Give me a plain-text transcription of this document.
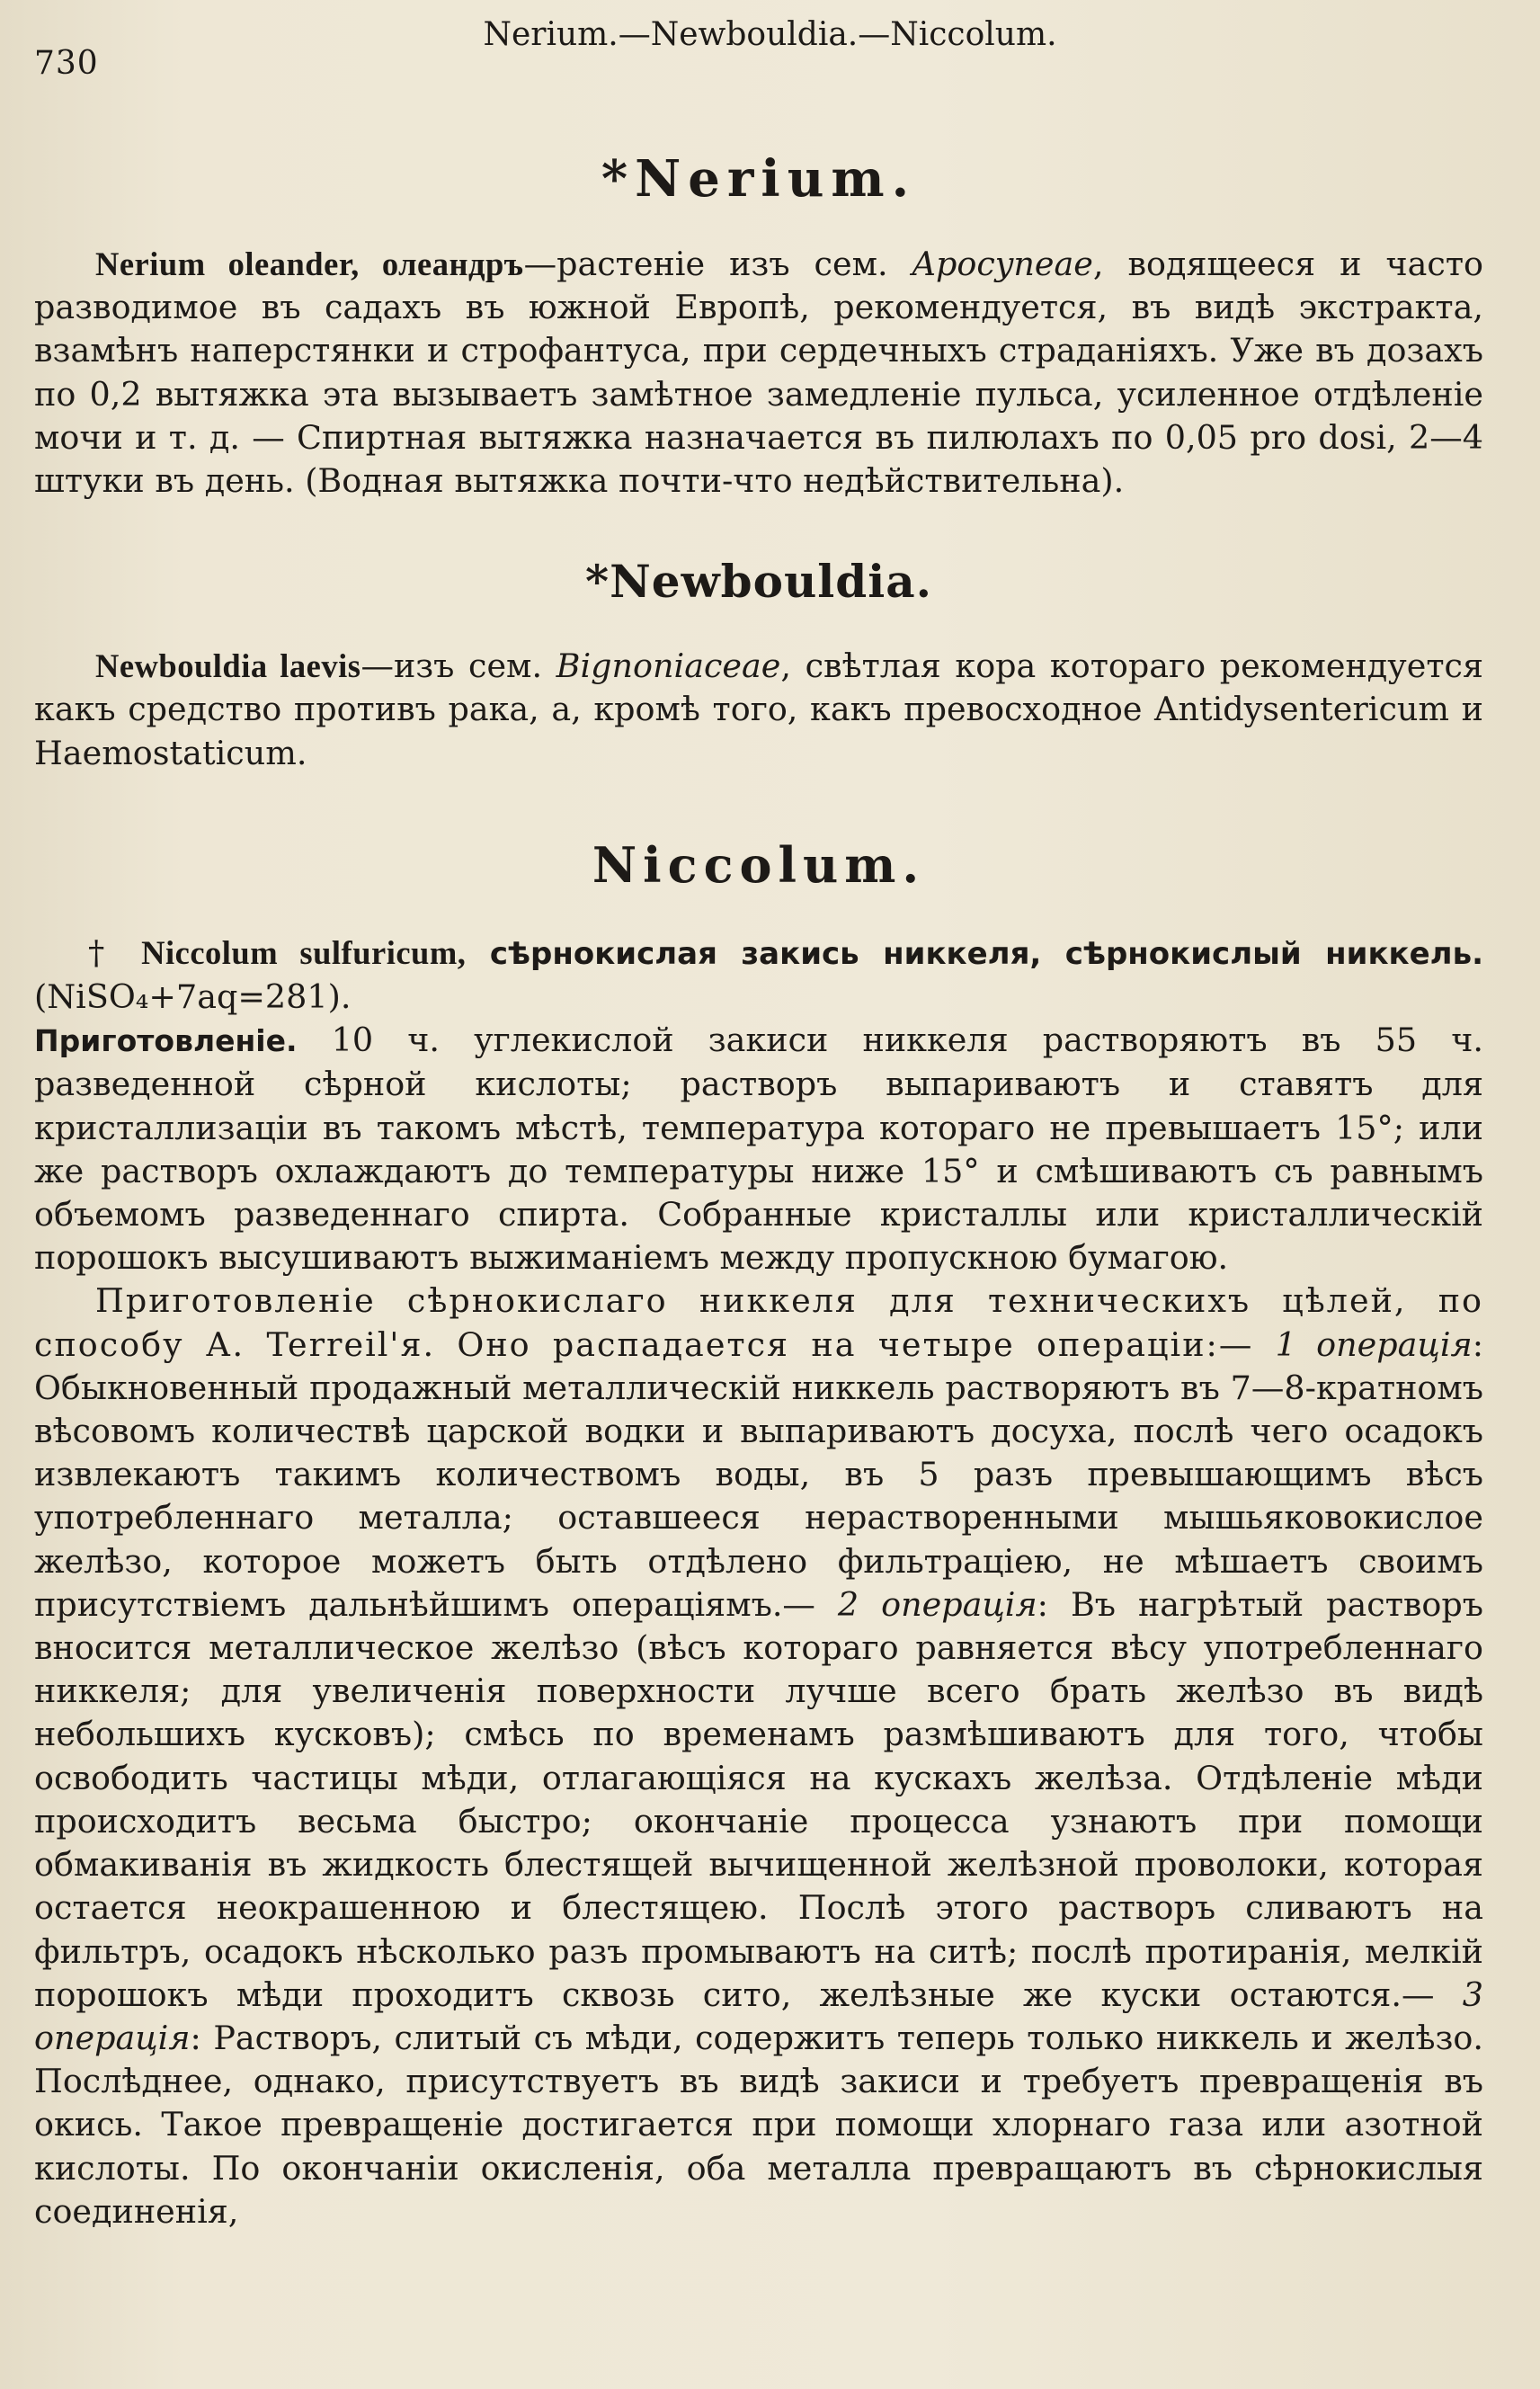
730
Nerium.—Newbouldia.—Niccolum.
*Nerium.

Nerium oleander, олеандръ—растеніе изъ сем. Apocyneae, водящееся и часто разводимое въ садахъ въ южной Европѣ, рекомендуется, въ видѣ экстракта, взамѣнъ наперстянки и строфантуса, при сердечныхъ страданіяхъ. Уже въ дозахъ по 0,2 вытяжка эта вызываетъ замѣтное замедленіе пульса, усиленное отдѣленіе мочи и т. д. — Спиртная вытяжка назначается въ пилюлахъ по 0,05 pro dosi, 2—4 штуки въ день. (Водная вытяжка почти-что недѣйствительна).

*Newbouldia.

Newbouldia laevis—изъ сем. Bignoniaceae, свѣтлая кора котораго рекомендуется какъ средство противъ рака, а, кромѣ того, какъ превосходное Antidysentericum и Haemostaticum.

Niccolum.

† Niccolum sulfuricum, сѣрнокислая закись никкеля, сѣрнокислый никкель. (NiSO₄+7aq=281).

Приготовленіе. 10 ч. углекислой закиси никкеля растворяютъ въ 55 ч. разведенной сѣрной кислоты; растворъ выпариваютъ и ставятъ для кристаллизаціи въ такомъ мѣстѣ, температура котораго не превышаетъ 15°; или же растворъ охлаждаютъ до температуры ниже 15° и смѣшиваютъ съ равнымъ объемомъ разведеннаго спирта. Собранные кристаллы или кристаллическій порошокъ высушиваютъ выжиманіемъ между пропускною бумагою.

Приготовленіе сѣрнокислаго никкеля для техническихъ цѣлей, по способу А. Terreil'я. Оно распадается на четыре операціи:— 1 операція: Обыкновенный продажный металлическій никкель растворяютъ въ 7—8-кратномъ вѣсовомъ количествѣ царской водки и выпариваютъ досуха, послѣ чего осадокъ извлекаютъ такимъ количествомъ воды, въ 5 разъ превышающимъ вѣсъ употребленнаго металла; оставшееся нерастворенными мышьяковокислое желѣзо, которое можетъ быть отдѣлено фильтраціею, не мѣшаетъ своимъ присутствіемъ дальнѣйшимъ операціямъ.— 2 операція: Въ нагрѣтый растворъ вносится металлическое желѣзо (вѣсъ котораго равняется вѣсу употребленнаго никкеля; для увеличенія поверхности лучше всего брать желѣзо въ видѣ небольшихъ кусковъ); смѣсь по временамъ размѣшиваютъ для того, чтобы освободить частицы мѣди, отлагающіяся на кускахъ желѣза. Отдѣленіе мѣди происходитъ весьма быстро; окончаніе процесса узнаютъ при помощи обмакиванія въ жидкость блестящей вычищенной желѣзной проволоки, которая остается неокрашенною и блестящею. Послѣ этого растворъ сливаютъ на фильтръ, осадокъ нѣсколько разъ промываютъ на ситѣ; послѣ протиранія, мелкій порошокъ мѣди проходитъ сквозь сито, желѣзные же куски остаются.— 3 операція: Растворъ, слитый съ мѣди, содержитъ теперь только никкель и желѣзо. Послѣднее, однако, присутствуетъ въ видѣ закиси и требуетъ превращенія въ окись. Такое превращеніе достигается при помощи хлорнаго газа или азотной кислоты. По окончаніи окисленія, оба металла превращаютъ въ сѣрнокислыя соединенія,
